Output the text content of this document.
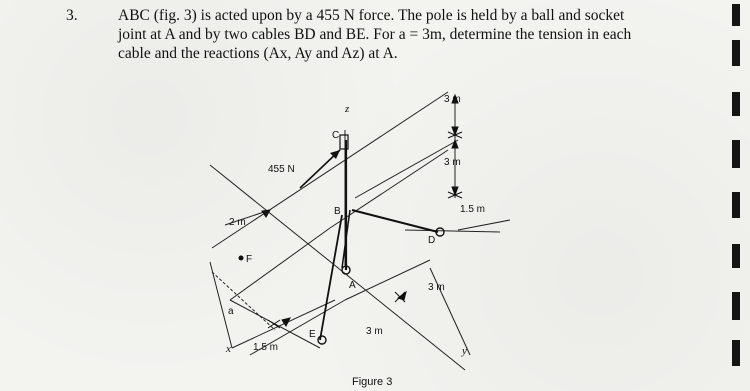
3.	ABC (fig. 3) is acted upon by a 455 N force. The pole is held by a ball and socket
joint at A and by two cables BD and BE. For a = 3m, determine the tension in each
cable and the reactions (Ax, Ay and Az) at A.
455 N
z
x	y
A
B
C
D
E
F
a
2 m
1.5 m
3 m
3 m
3 m
1.5 m
3 m
Figure 3
